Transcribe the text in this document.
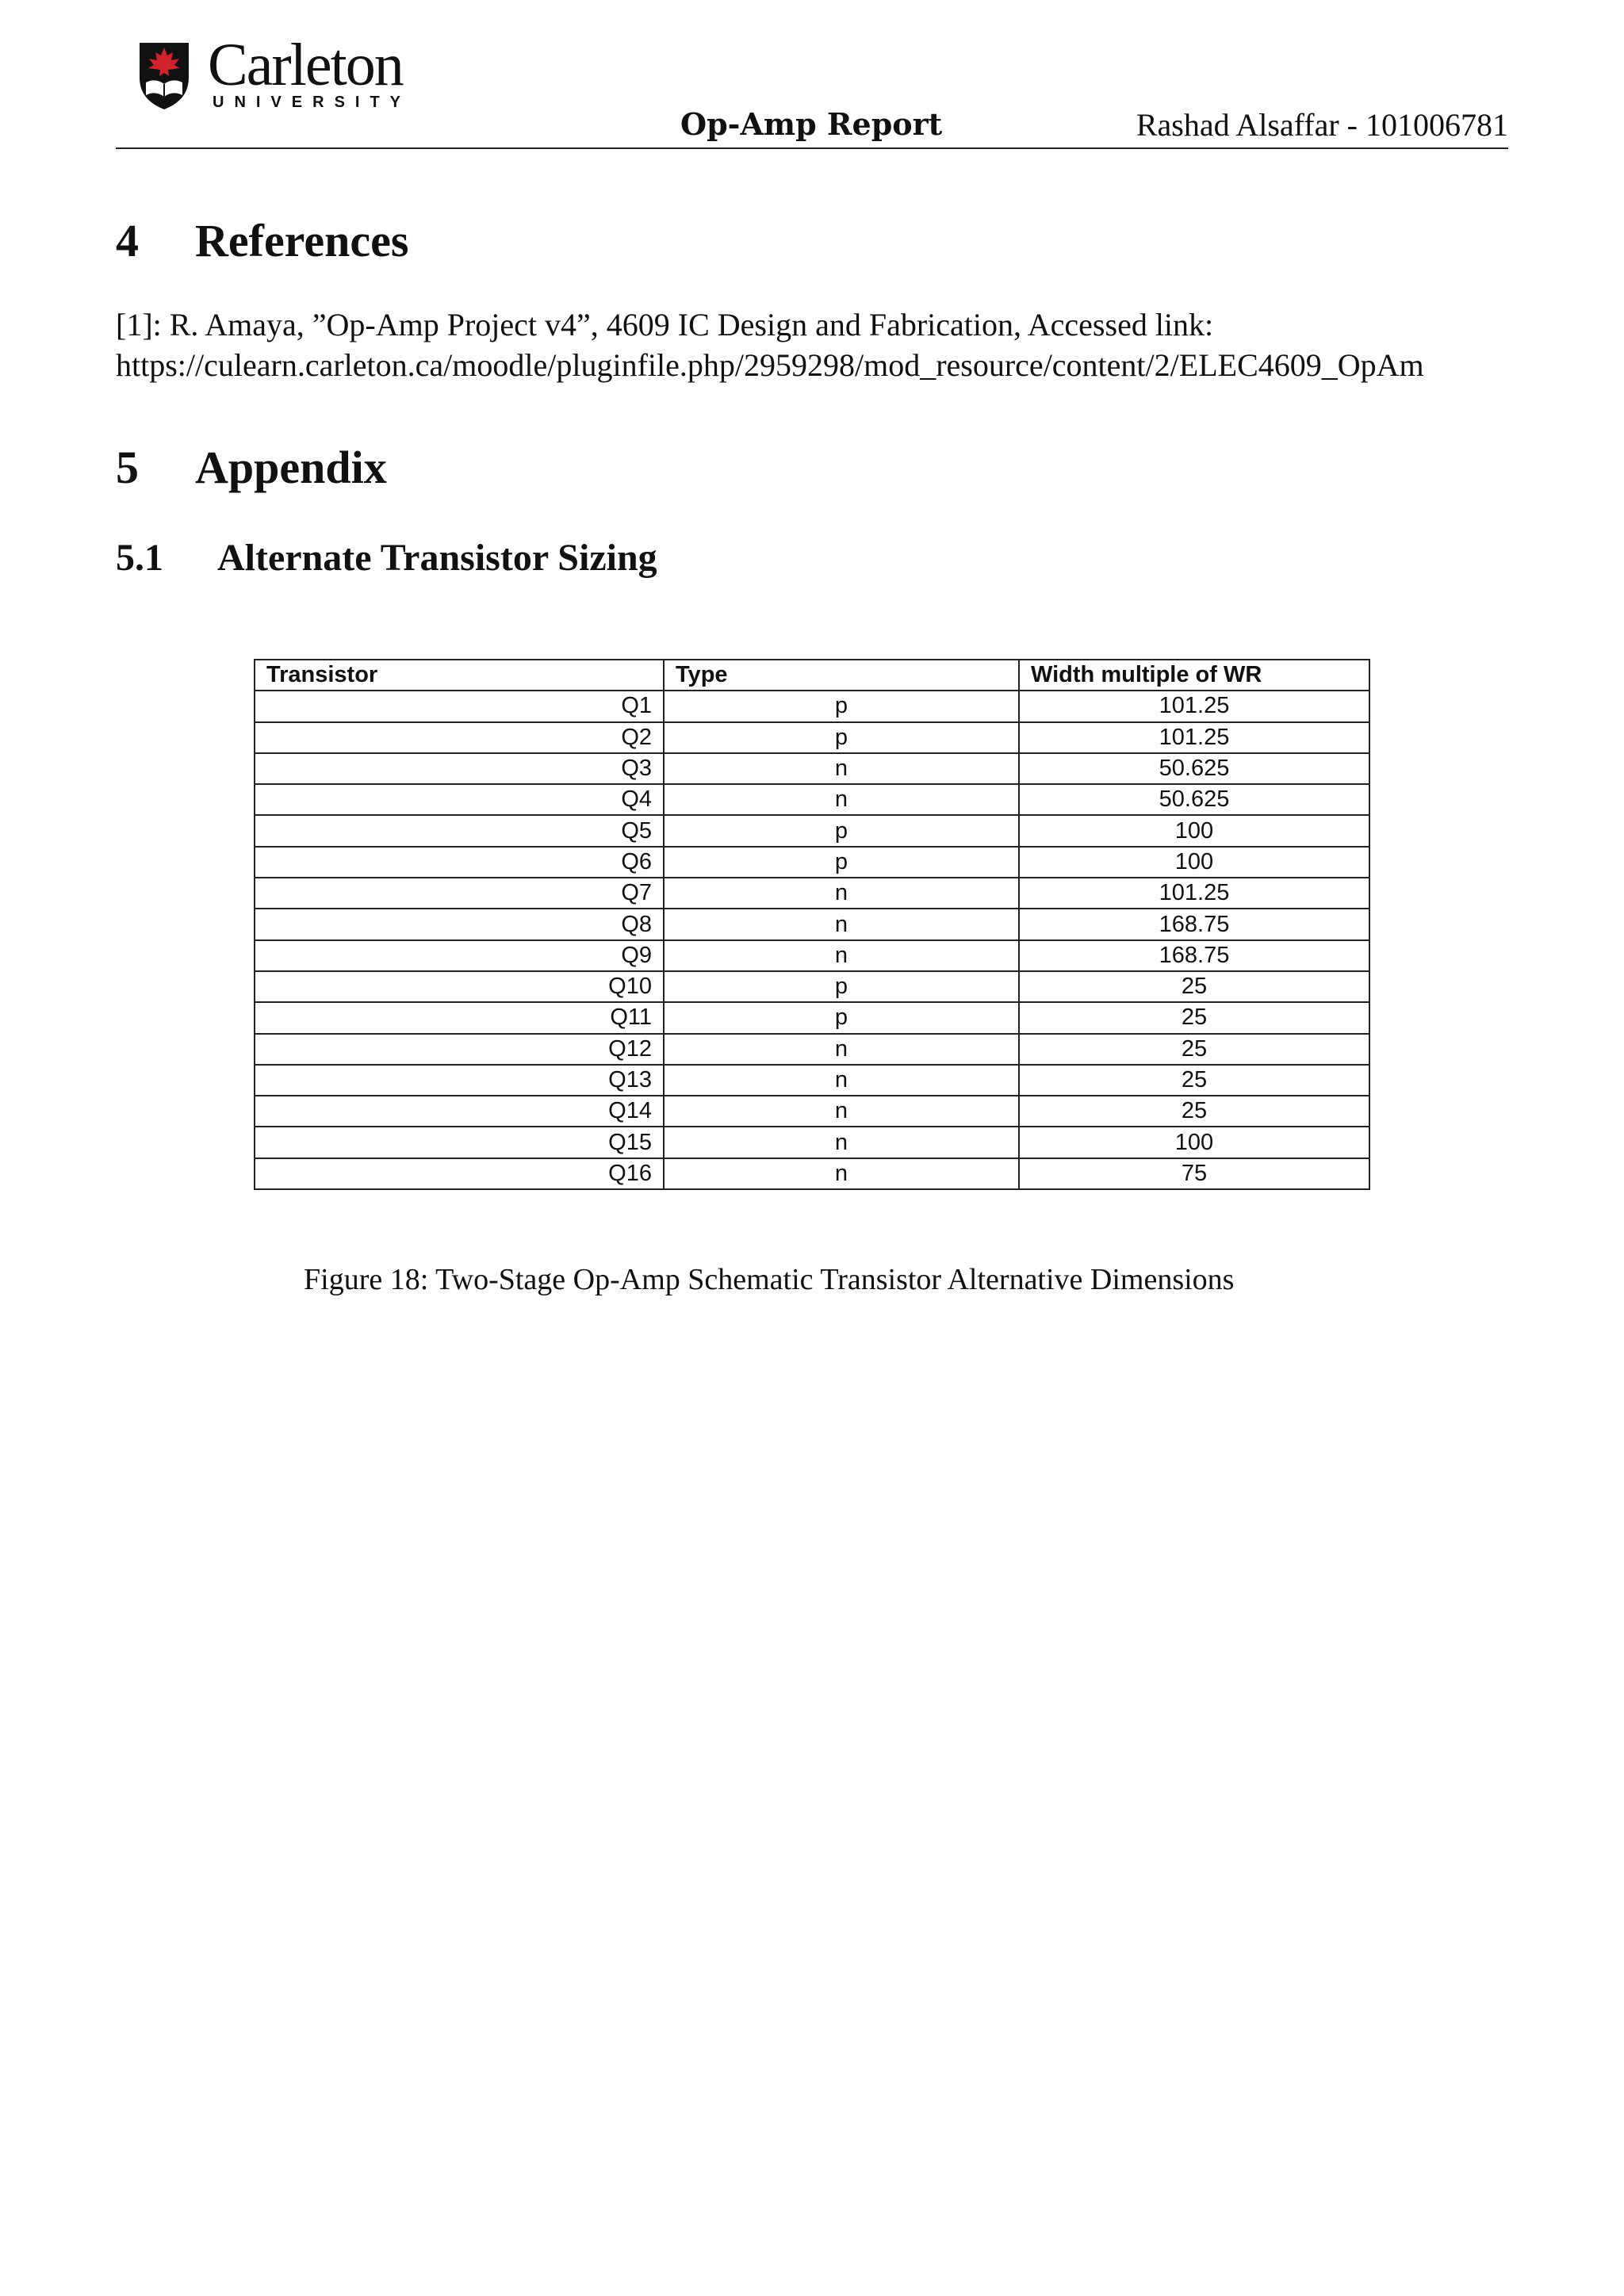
Carleton
UNIVERSITY
Op-Amp Report	Rashad Alsaffar - 101006781
4 References
[1]: R. Amaya, ”Op-Amp Project v4”, 4609 IC Design and Fabrication, Accessed link:
https://culearn.carleton.ca/moodle/pluginfile.php/2959298/mod_resource/content/2/ELEC4609_OpAm
5 Appendix
5.1 Alternate Transistor Sizing
Transistor	Type	Width multiple of WR
Q1	p	101.25
Q2	p	101.25
Q3	n	50.625
Q4	n	50.625
Q5	p	100
Q6	p	100
Q7	n	101.25
Q8	n	168.75
Q9	n	168.75
Q10	p	25
Q11	p	25
Q12	n	25
Q13	n	25
Q14	n	25
Q15	n	100
Q16	n	75
Figure 18: Two-Stage Op-Amp Schematic Transistor Alternative Dimensions
